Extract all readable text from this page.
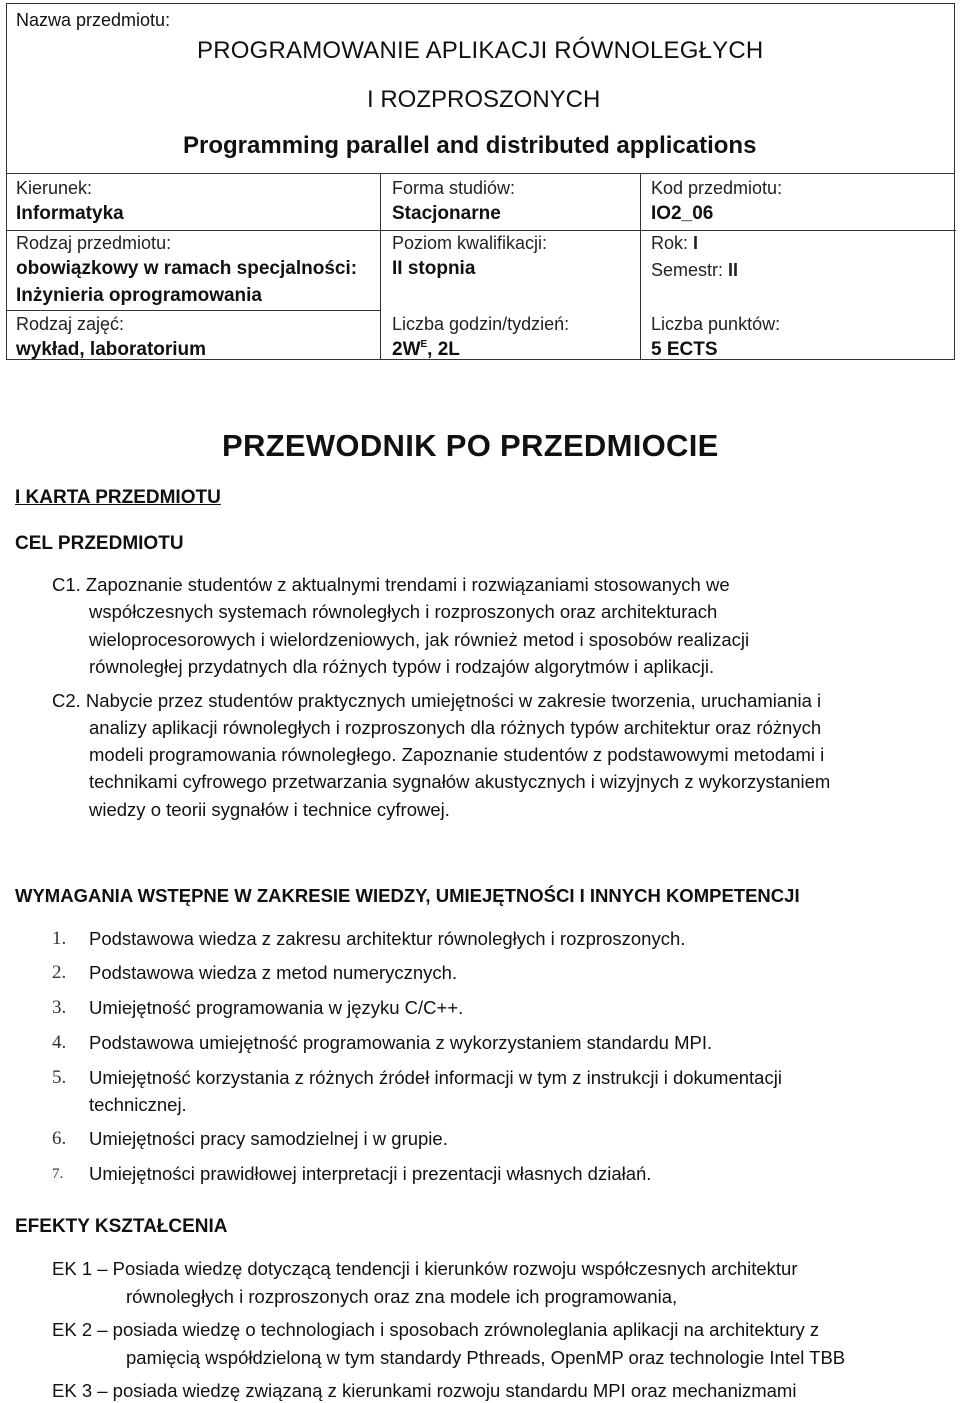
Nazwa przedmiotu:
PROGRAMOWANIE APLIKACJI RÓWNOLEGŁYCH
I ROZPROSZONYCH
Programming parallel and distributed applications
Kierunek:
Informatyka
Rodzaj przedmiotu:
obowiązkowy w ramach specjalności:
Inżynieria oprogramowania
Rodzaj zajęć:
wykład, laboratorium
Forma studiów:
Stacjonarne
Poziom kwalifikacji:
II stopnia
Liczba godzin/tydzień:
$2W^E$, 2L
Kod przedmiotu:
IO2_06
Rok: I
Semestr: II
Liczba punktów:
5 ECTS
PRZEWODNIK PO PRZEDMIOCIE
I KARTA PRZEDMIOTU
CEL PRZEDMIOTU
C1. Zapoznanie studentów z aktualnymi trendami i rozwiązaniami stosowanych we
współczesnych systemach równoległych i rozproszonych oraz architekturach
wieloprocesorowych i wielordzeniowych, jak również metod i sposobów realizacji
równoległej przydatnych dla różnych typów i rodzajów algorytmów i aplikacji.
C2. Nabycie przez studentów praktycznych umiejętności w zakresie tworzenia, uruchamiania i
analizy aplikacji równoległych i rozproszonych dla różnych typów architektur oraz różnych
modeli programowania równoległego. Zapoznanie studentów z podstawowymi metodami i
technikami cyfrowego przetwarzania sygnałów akustycznych i wizyjnych z wykorzystaniem
wiedzy o teorii sygnałów i technice cyfrowej.
WYMAGANIA WSTĘPNE W ZAKRESIE WIEDZY, UMIEJĘTNOŚCI I INNYCH KOMPETENCJI
1. Podstawowa wiedza z zakresu architektur równoległych i rozproszonych.
2. Podstawowa wiedza z metod numerycznych.
3. Umiejętność programowania w języku C/C++.
4. Podstawowa umiejętność programowania z wykorzystaniem standardu MPI.
5. Umiejętność korzystania z różnych źródeł informacji w tym z instrukcji i dokumentacji
technicznej.
6. Umiejętności pracy samodzielnej i w grupie.
7. Umiejętności prawidłowej interpretacji i prezentacji własnych działań.
EFEKTY KSZTAŁCENIA
EK 1 – Posiada wiedzę dotyczącą tendencji i kierunków rozwoju współczesnych architektur
równoległych i rozproszonych oraz zna modele ich programowania,
EK 2 – posiada wiedzę o technologiach i sposobach zrównoleglania aplikacji na architektury z
pamięcią współdzieloną w tym standardy Pthreads, OpenMP oraz technologie Intel TBB
EK 3 – posiada wiedzę związaną z kierunkami rozwoju standardu MPI oraz mechanizmami
